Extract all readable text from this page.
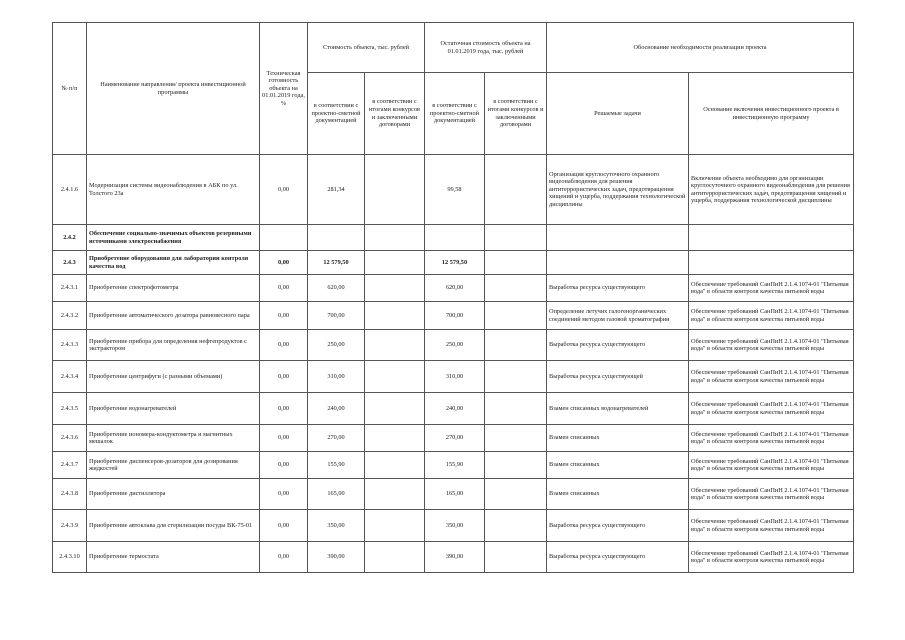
№ п/п	Наименование направления/ проекта инвестиционной программы	Техническая готовность объекта на 01.01.2019 года, %	Стоимость объекта, тыс. рублей		Остаточная стоимость объекта на 01.01.2019 года, тыс. рублей		Обоснование необходимости реализации проекта	
			в соответствии с проектно-сметной документацией	в соответствии с итогами конкурсов и заключенными договорами	в соответствии с проектно-сметной документацией	в соответствии с итогами конкурсов и заключенными договорами	Решаемые задачи	Основание включения инвестиционного проекта в инвестиционную программу
2.4.1.6	Модернизация системы видеонаблюдения в АБК по ул. Толстого 23а	0,00	281,34		99,58		Организация круглосуточного охранного видеонаблюдения для решения антитеррористических задач, предотвращения хищений и ущерба, поддержания технологической дисциплины	Включение объекта необходимо для организации круглосуточного охранного видеонаблюдения для решения антитеррористических задач, предотвращения хищений и ущерба, поддержания технологической дисциплины
2.4.2	Обеспечение социально-значимых объектов резервными источниками электроснабжения							
2.4.3	Приобретение оборудования для лаборатории контроля качества вод	0,00	12 579,50		12 579,50			
2.4.3.1	Приобретение спектрофотометра	0,00	620,00		620,00		Выработка ресурса существующего	Обеспечение требований СанПиН 2.1.4.1074-01 "Питьевая вода" в области контроля качества питьевой воды
2.4.3.2	Приобретение автоматического дозатора равновесного пара	0,00	700,00		700,00		Определение летучих галогенорганических соединений методом газовой хроматографии	Обеспечение требований СанПиН 2.1.4.1074-01 "Питьевая вода" в области контроля качества питьевой воды
2.4.3.3	Приобретение прибора для определения нефтепродуктов с экстрактором	0,00	250,00		250,00		Выработка ресурса существующего	Обеспечение требований СанПиН 2.1.4.1074-01 "Питьевая вода" в области контроля качества питьевой воды
2.4.3.4	Приобретение центрифуги (с разными объемами)	0,00	310,00		310,00		Выработка ресурса существующей	Обеспечение требований СанПиН 2.1.4.1074-01 "Питьевая вода" в области контроля качества питьевой воды
2.4.3.5	Приобретение водонагревателей	0,00	240,00		240,00		Взамен списанных водонагревателей	Обеспечение требований СанПиН 2.1.4.1074-01 "Питьевая вода" в области контроля качества питьевой воды
2.4.3.6	Приобретение иономера-кондуктометра и магнитных мешалок	0,00	270,00		270,00		Взамен списанных	Обеспечение требований СанПиН 2.1.4.1074-01 "Питьевая вода" в области контроля качества питьевой воды
2.4.3.7	Приобретение диспенсеров-дозаторов для дозирования жидкостей	0,00	155,90		155,90		Взамен списанных	Обеспечение требований СанПиН 2.1.4.1074-01 "Питьевая вода" в области контроля качества питьевой воды
2.4.3.8	Приобретение дистиллятора	0,00	165,00		165,00		Взамен списанных	Обеспечение требований СанПиН 2.1.4.1074-01 "Питьевая вода" в области контроля качества питьевой воды
2.4.3.9	Приобретение автоклава для стерилизации посуды ВК-75-01	0,00	350,00		350,00		Выработка ресурса существующего	Обеспечение требований СанПиН 2.1.4.1074-01 "Питьевая вода" в области контроля качества питьевой воды
2.4.3.10	Приобретение термостата	0,00	390,00		390,00		Выработка ресурса существующего	Обеспечение требований СанПиН 2.1.4.1074-01 "Питьевая вода" в области контроля качества питьевой воды
